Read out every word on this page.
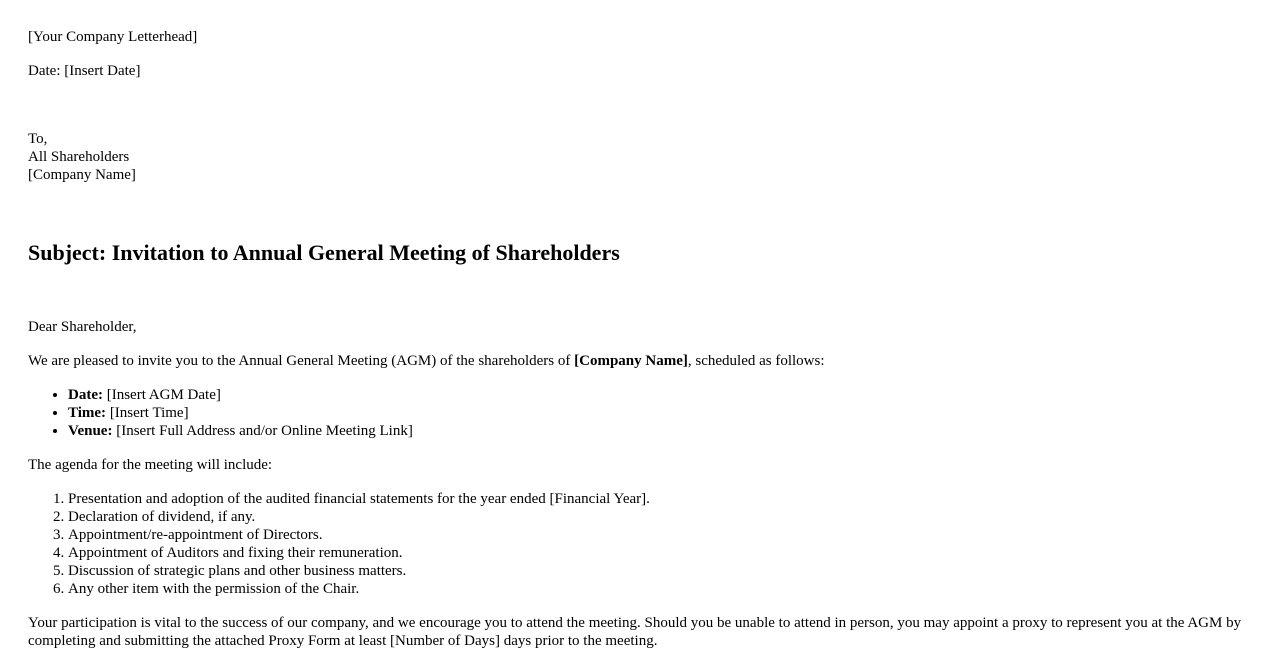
[Your Company Letterhead]

Date: [Insert Date]

To,
All Shareholders
[Company Name]
Subject: Invitation to Annual General Meeting of Shareholders

Dear Shareholder,

We are pleased to invite you to the Annual General Meeting (AGM) of the shareholders of [Company Name], scheduled as follows:

• Date: [Insert AGM Date]
• Time: [Insert Time]
• Venue: [Insert Full Address and/or Online Meeting Link]

The agenda for the meeting will include:

1. Presentation and adoption of the audited financial statements for the year ended [Financial Year].
2. Declaration of dividend, if any.
3. Appointment/re-appointment of Directors.
4. Appointment of Auditors and fixing their remuneration.
5. Discussion of strategic plans and other business matters.
6. Any other item with the permission of the Chair.

Your participation is vital to the success of our company, and we encourage you to attend the meeting. Should you be unable to attend in person, you may appoint a proxy to represent you at the AGM by completing and submitting the attached Proxy Form at least [Number of Days] days prior to the meeting.
